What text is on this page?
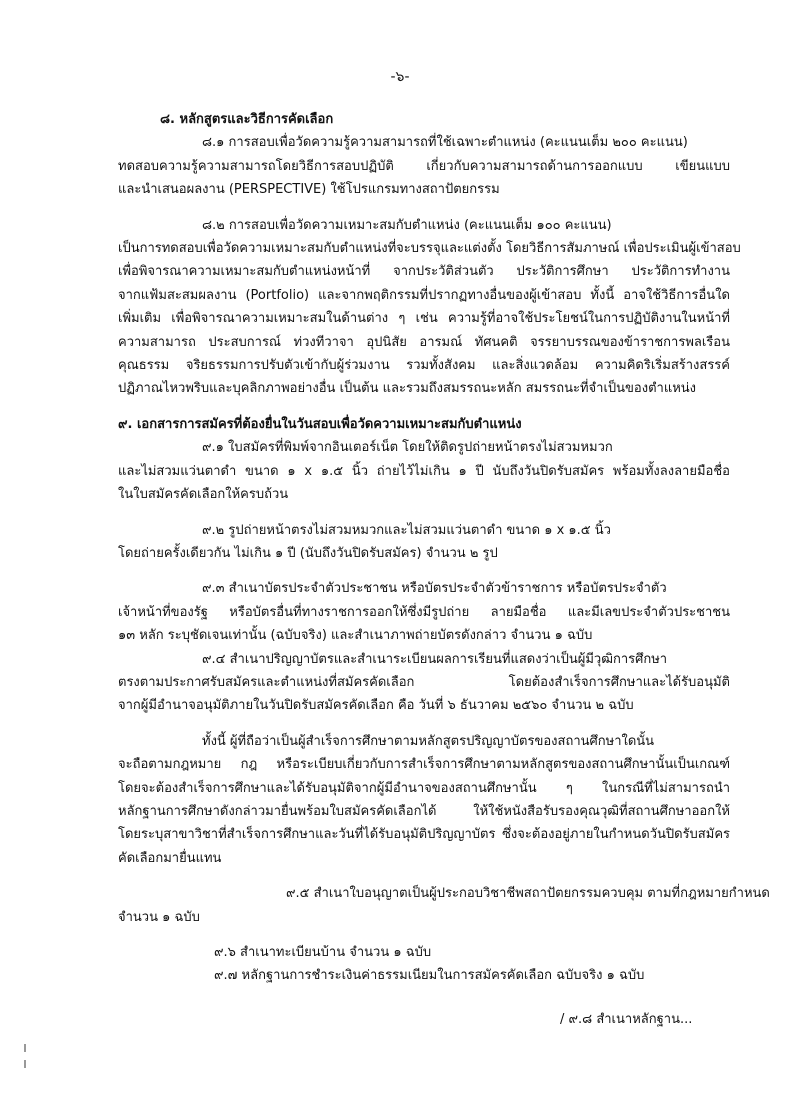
-๖-
๘. หลักสูตรและวิธีการคัดเลือก

๘.๑ การสอบเพื่อวัดความรู้ความสามารถที่ใช้เฉพาะตำแหน่ง (คะแนนเต็ม ๒๐๐ คะแนน)
ทดสอบความรู้ความสามารถโดยวิธีการสอบปฏิบัติ เกี่ยวกับความสามารถด้านการออกแบบ เขียนแบบ
และนำเสนอผลงาน (PERSPECTIVE) ใช้โปรแกรมทางสถาปัตยกรรม

๘.๒ การสอบเพื่อวัดความเหมาะสมกับตำแหน่ง (คะแนนเต็ม ๑๐๐ คะแนน)
เป็นการทดสอบเพื่อวัดความเหมาะสมกับตำแหน่งที่จะบรรจุและแต่งตั้ง โดยวิธีการสัมภาษณ์ เพื่อประเมินผู้เข้าสอบ
เพื่อพิจารณาความเหมาะสมกับตำแหน่งหน้าที่ จากประวัติส่วนตัว ประวัติการศึกษา ประวัติการทำงาน
จากแฟ้มสะสมผลงาน (Portfolio) และจากพฤติกรรมที่ปรากฏทางอื่นของผู้เข้าสอบ ทั้งนี้ อาจใช้วิธีการอื่นใด
เพิ่มเติม เพื่อพิจารณาความเหมาะสมในด้านต่าง ๆ เช่น ความรู้ที่อาจใช้ประโยชน์ในการปฏิบัติงานในหน้าที่
ความสามารถ ประสบการณ์ ท่วงทีวาจา อุปนิสัย อารมณ์ ทัศนคติ จรรยาบรรณของข้าราชการพลเรือน
คุณธรรม จริยธรรมการปรับตัวเข้ากับผู้ร่วมงาน รวมทั้งสังคม และสิ่งแวดล้อม ความคิดริเริ่มสร้างสรรค์
ปฏิภาณไหวพริบและบุคลิกภาพอย่างอื่น เป็นต้น และรวมถึงสมรรถนะหลัก สมรรถนะที่จำเป็นของตำแหน่ง

๙. เอกสารการสมัครที่ต้องยื่นในวันสอบเพื่อวัดความเหมาะสมกับตำแหน่ง

๙.๑ ใบสมัครที่พิมพ์จากอินเตอร์เน็ต โดยให้ติดรูปถ่ายหน้าตรงไม่สวมหมวก
และไม่สวมแว่นตาดำ ขนาด ๑ x ๑.๕ นิ้ว ถ่ายไว้ไม่เกิน ๑ ปี นับถึงวันปิดรับสมัคร พร้อมทั้งลงลายมือชื่อ
ในใบสมัครคัดเลือกให้ครบถ้วน

๙.๒ รูปถ่ายหน้าตรงไม่สวมหมวกและไม่สวมแว่นตาดำ ขนาด ๑ x ๑.๕ นิ้ว
โดยถ่ายครั้งเดียวกัน ไม่เกิน ๑ ปี (นับถึงวันปิดรับสมัคร) จำนวน ๒ รูป

๙.๓ สำเนาบัตรประจำตัวประชาชน หรือบัตรประจำตัวข้าราชการ หรือบัตรประจำตัว
เจ้าหน้าที่ของรัฐ หรือบัตรอื่นที่ทางราชการออกให้ซึ่งมีรูปถ่าย ลายมือชื่อ และมีเลขประจำตัวประชาชน
๑๓ หลัก ระบุชัดเจนเท่านั้น (ฉบับจริง) และสำเนาภาพถ่ายบัตรดังกล่าว จำนวน ๑ ฉบับ

๙.๔ สำเนาปริญญาบัตรและสำเนาระเบียนผลการเรียนที่แสดงว่าเป็นผู้มีวุฒิการศึกษา
ตรงตามประกาศรับสมัครและตำแหน่งที่สมัครคัดเลือก โดยต้องสำเร็จการศึกษาและได้รับอนุมัติ
จากผู้มีอำนาจอนุมัติภายในวันปิดรับสมัครคัดเลือก คือ วันที่ ๖ ธันวาคม ๒๕๖๐ จำนวน ๒ ฉบับ

ทั้งนี้ ผู้ที่ถือว่าเป็นผู้สำเร็จการศึกษาตามหลักสูตรปริญญาบัตรของสถานศึกษาใดนั้น
จะถือตามกฎหมาย กฎ หรือระเบียบเกี่ยวกับการสำเร็จการศึกษาตามหลักสูตรของสถานศึกษานั้นเป็นเกณฑ์
โดยจะต้องสำเร็จการศึกษาและได้รับอนุมัติจากผู้มีอำนาจของสถานศึกษานั้น ๆ ในกรณีที่ไม่สามารถนำ
หลักฐานการศึกษาดังกล่าวมายื่นพร้อมใบสมัครคัดเลือกได้ ให้ใช้หนังสือรับรองคุณวุฒิที่สถานศึกษาออกให้
โดยระบุสาขาวิชาที่สำเร็จการศึกษาและวันที่ได้รับอนุมัติปริญญาบัตร ซึ่งจะต้องอยู่ภายในกำหนดวันปิดรับสมัคร
คัดเลือกมายื่นแทน

๙.๕ สำเนาใบอนุญาตเป็นผู้ประกอบวิชาชีพสถาปัตยกรรมควบคุม ตามที่กฎหมายกำหนด
จำนวน ๑ ฉบับ

๙.๖ สำเนาทะเบียนบ้าน จำนวน ๑ ฉบับ
๙.๗ หลักฐานการชำระเงินค่าธรรมเนียมในการสมัครคัดเลือก ฉบับจริง ๑ ฉบับ

/ ๙.๘ สำเนาหลักฐาน...
